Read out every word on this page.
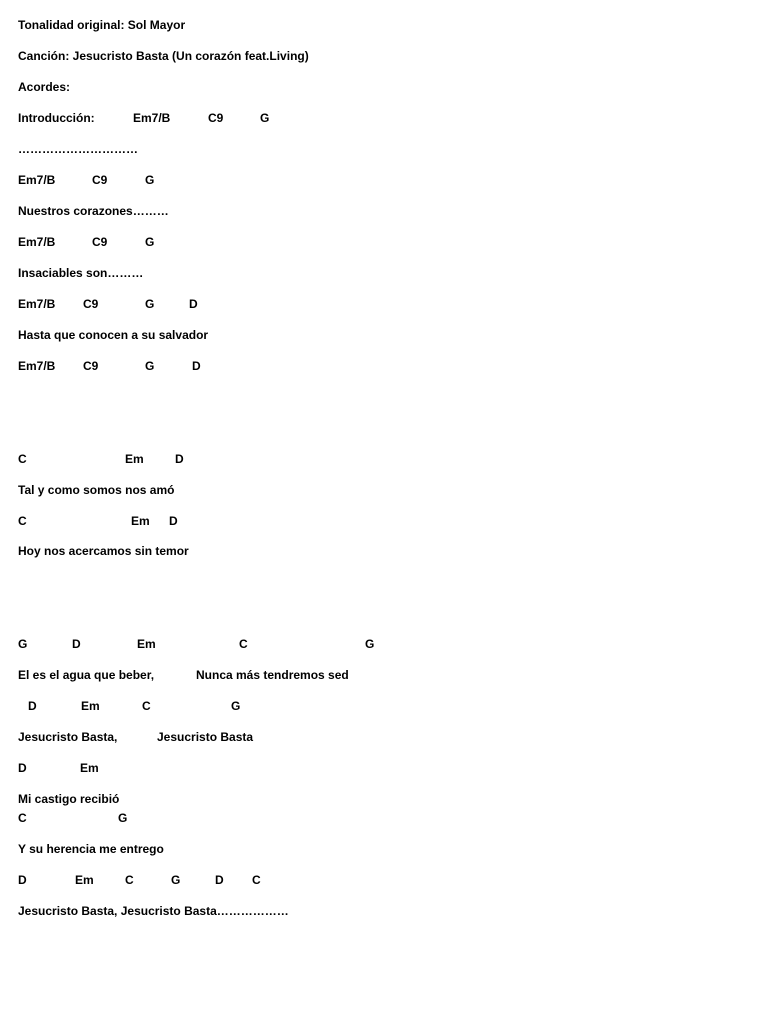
Tonalidad original: Sol Mayor
Canción: Jesucristo Basta (Un corazón feat.Living)
Acordes:
Introducción:	Em7/B	C9	G
…………………………
Em7/B	C9	G
Nuestros corazones………
Em7/B	C9	G
Insaciables son………
Em7/B C9	G	D
Hasta que conocen a su salvador
Em7/B C9	G	D
C	Em	D
Tal y como somos nos amó
C	Em D
Hoy nos acercamos sin temor
G	D	Em	C	G
El es el agua que beber,	Nunca más tendremos sed
D	Em	C	G
Jesucristo Basta,	Jesucristo Basta
D	Em
Mi castigo recibió
C	G
Y su herencia me entrego
D	Em	C	G	D C
Jesucristo Basta, Jesucristo Basta………………
